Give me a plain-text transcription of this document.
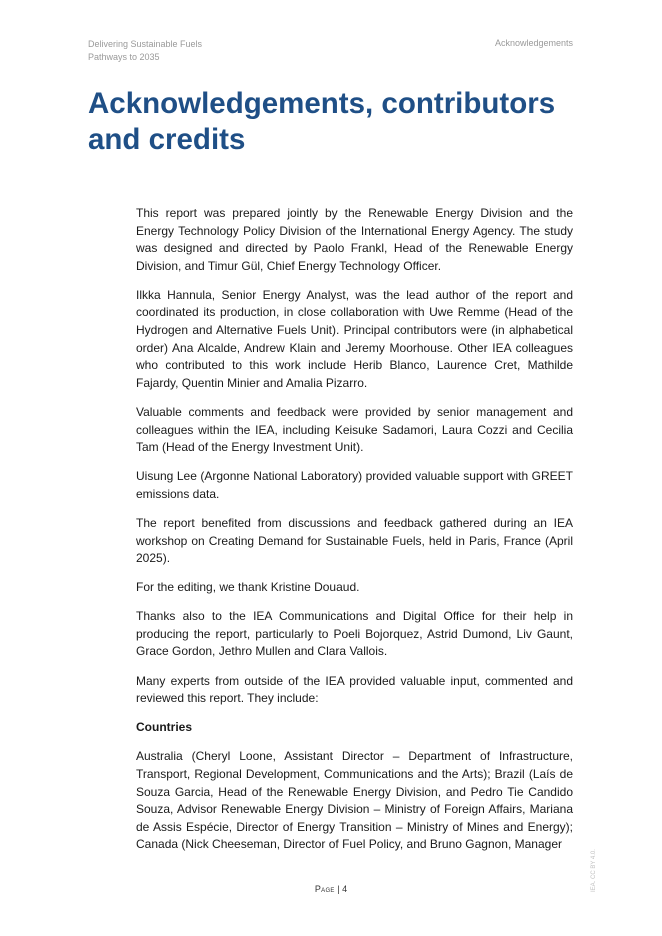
Delivering Sustainable Fuels
Pathways to 2035
Acknowledgements
Acknowledgements, contributors
and credits

This report was prepared jointly by the Renewable Energy Division and the Energy Technology Policy Division of the International Energy Agency. The study was designed and directed by Paolo Frankl, Head of the Renewable Energy Division, and Timur Gül, Chief Energy Technology Officer.

Ilkka Hannula, Senior Energy Analyst, was the lead author of the report and coordinated its production, in close collaboration with Uwe Remme (Head of the Hydrogen and Alternative Fuels Unit). Principal contributors were (in alphabetical order) Ana Alcalde, Andrew Klain and Jeremy Moorhouse. Other IEA colleagues who contributed to this work include Herib Blanco, Laurence Cret, Mathilde Fajardy, Quentin Minier and Amalia Pizarro.

Valuable comments and feedback were provided by senior management and colleagues within the IEA, including Keisuke Sadamori, Laura Cozzi and Cecilia Tam (Head of the Energy Investment Unit).

Uisung Lee (Argonne National Laboratory) provided valuable support with GREET emissions data.

The report benefited from discussions and feedback gathered during an IEA workshop on Creating Demand for Sustainable Fuels, held in Paris, France (April 2025).

For the editing, we thank Kristine Douaud.

Thanks also to the IEA Communications and Digital Office for their help in producing the report, particularly to Poeli Bojorquez, Astrid Dumond, Liv Gaunt, Grace Gordon, Jethro Mullen and Clara Vallois.

Many experts from outside of the IEA provided valuable input, commented and reviewed this report. They include:

Countries

Australia (Cheryl Loone, Assistant Director – Department of Infrastructure, Transport, Regional Development, Communications and the Arts); Brazil (Laís de Souza Garcia, Head of the Renewable Energy Division, and Pedro Tie Candido Souza, Advisor Renewable Energy Division – Ministry of Foreign Affairs, Mariana de Assis Espécie, Director of Energy Transition – Ministry of Mines and Energy); Canada (Nick Cheeseman, Director of Fuel Policy, and Bruno Gagnon, Manager

Page | 4	IEA. CC BY 4.0.
